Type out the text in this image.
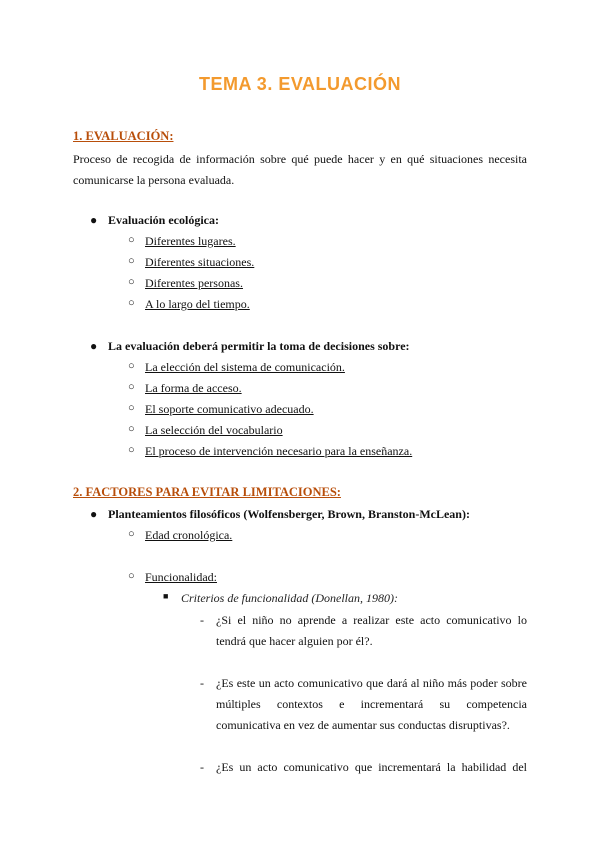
TEMA 3. EVALUACIÓN
1. EVALUACIÓN:
Proceso de recogida de información sobre qué puede hacer y en qué situaciones necesita
comunicarse la persona evaluada.
● Evaluación ecológica:
○ Diferentes lugares.
○ Diferentes situaciones.
○ Diferentes personas.
○ A lo largo del tiempo.
● La evaluación deberá permitir la toma de decisiones sobre:
○ La elección del sistema de comunicación.
○ La forma de acceso.
○ El soporte comunicativo adecuado.
○ La selección del vocabulario
○ El proceso de intervención necesario para la enseñanza.
2. FACTORES PARA EVITAR LIMITACIONES:
● Planteamientos filosóficos (Wolfensberger, Brown, Branston-McLean):
○ Edad cronológica.
○ Funcionalidad:
■ Criterios de funcionalidad (Donellan, 1980):
- ¿Si el niño no aprende a realizar este acto comunicativo lo
tendrá que hacer alguien por él?.
- ¿Es este un acto comunicativo que dará al niño más poder sobre
múltiples contextos e incrementará su competencia
comunicativa en vez de aumentar sus conductas disruptivas?.
- ¿Es un acto comunicativo que incrementará la habilidad del
